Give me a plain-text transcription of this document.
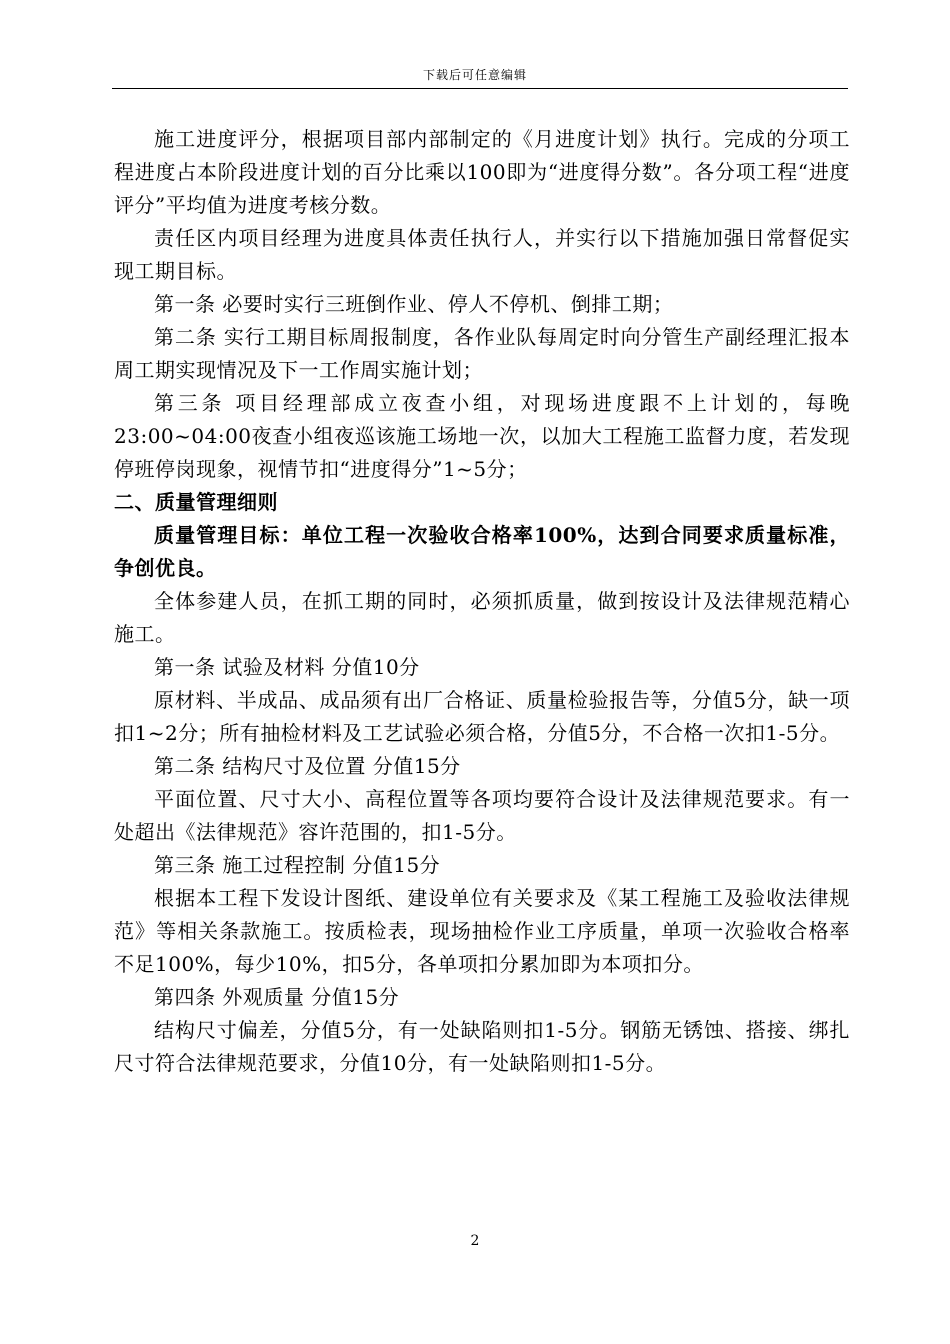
下载后可任意编辑

施工进度评分，根据项目部内部制定的《月进度计划》执行。完成的分项工程进度占本阶段进度计划的百分比乘以100即为“进度得分数”。各分项工程“进度评分”平均值为进度考核分数。

责任区内项目经理为进度具体责任执行人，并实行以下措施加强日常督促实现工期目标。

第一条 必要时实行三班倒作业、停人不停机、倒排工期；

第二条 实行工期目标周报制度，各作业队每周定时向分管生产副经理汇报本周工期实现情况及下一工作周实施计划；

第三条 项目经理部成立夜查小组，对现场进度跟不上计划的，每晚23:00~04:00夜查小组夜巡该施工场地一次，以加大工程施工监督力度，若发现停班停岗现象，视情节扣“进度得分”1~5分；

二、质量管理细则

质量管理目标：单位工程一次验收合格率100%，达到合同要求质量标准，争创优良。

全体参建人员，在抓工期的同时，必须抓质量，做到按设计及法律规范精心施工。

第一条 试验及材料 分值10分

原材料、半成品、成品须有出厂合格证、质量检验报告等，分值5分，缺一项扣1~2分；所有抽检材料及工艺试验必须合格，分值5分，不合格一次扣1-5分。

第二条 结构尺寸及位置 分值15分

平面位置、尺寸大小、高程位置等各项均要符合设计及法律规范要求。有一处超出《法律规范》容许范围的，扣1-5分。

第三条 施工过程控制 分值15分

根据本工程下发设计图纸、建设单位有关要求及《某工程施工及验收法律规范》等相关条款施工。按质检表，现场抽检作业工序质量，单项一次验收合格率不足100%，每少10%，扣5分，各单项扣分累加即为本项扣分。

第四条 外观质量 分值15分

结构尺寸偏差，分值5分，有一处缺陷则扣1-5分。钢筋无锈蚀、搭接、绑扎尺寸符合法律规范要求，分值10分，有一处缺陷则扣1-5分。

2
